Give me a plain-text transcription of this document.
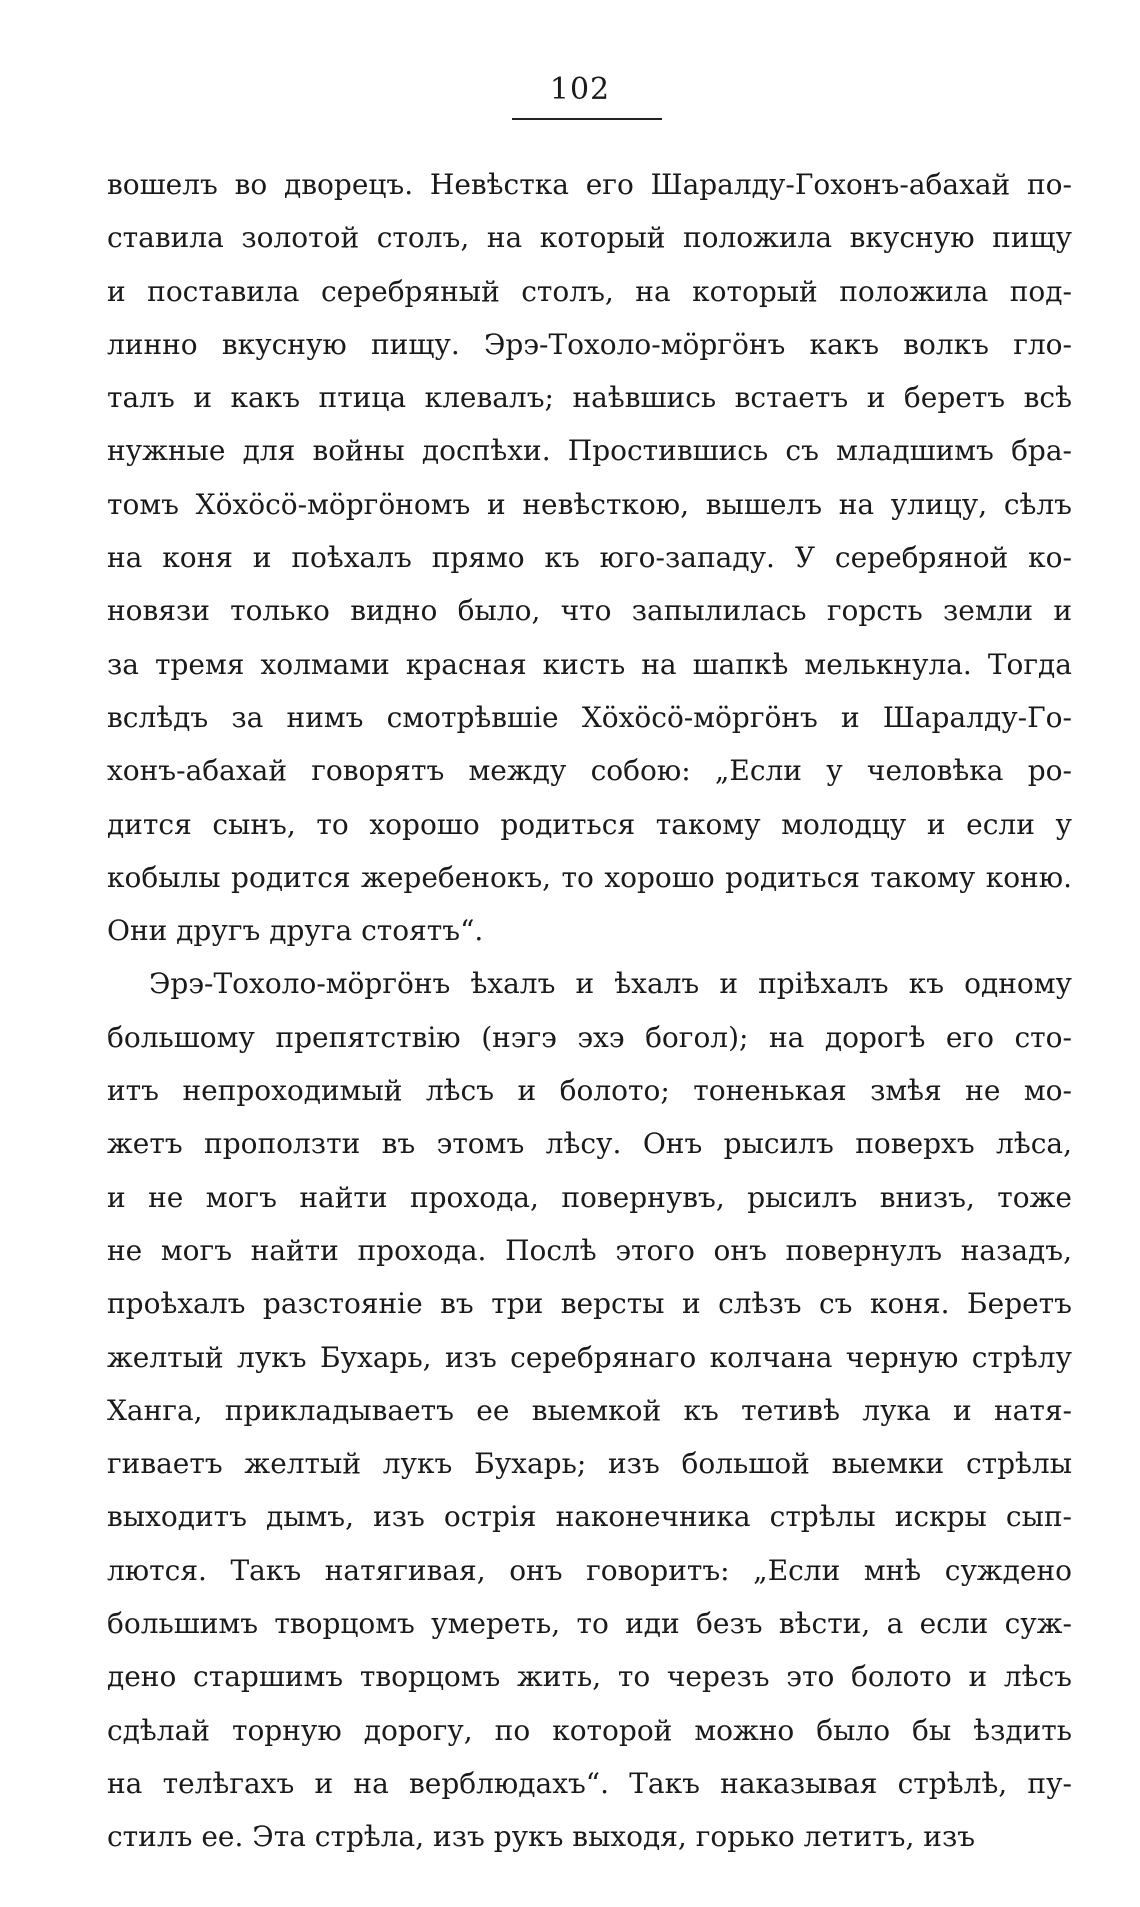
102
вошелъ во дворецъ. Невѣстка его Шаралду-Гохонъ-абахай по-
ставила золотой столъ, на который положила вкусную пищу
и поставила серебряный столъ, на который положила под-
линно вкусную пищу. Эрэ-Тохоло-мöргöнъ какъ волкъ гло-
талъ и какъ птица клевалъ; наѣвшись встаетъ и беретъ всѣ
нужные для войны доспѣхи. Простившись съ младшимъ бра-
томъ Хöхöсö-мöргöномъ и невѣсткою, вышелъ на улицу, сѣлъ
на коня и поѣхалъ прямо къ юго-западу. У серебряной ко-
новязи только видно было, что запылилась горсть земли и
за тремя холмами красная кисть на шапкѣ мелькнула. Тогда
вслѣдъ за нимъ смотрѣвшіе Хöхöсö-мöргöнъ и Шаралду-Го-
хонъ-абахай говорятъ между собою: „Если у человѣка ро-
дится сынъ, то хорошо родиться такому молодцу и если у
кобылы родится жеребенокъ, то хорошо родиться такому коню.
Они другъ друга стоятъ“.
Эрэ-Тохоло-мöргöнъ ѣхалъ и ѣхалъ и пріѣхалъ къ одному
большому препятствію (нэгэ эхэ богол); на дорогѣ его сто-
итъ непроходимый лѣсъ и болото; тоненькая змѣя не мо-
жетъ проползти въ этомъ лѣсу. Онъ рысилъ поверхъ лѣса,
и не могъ найти прохода, повернувъ, рысилъ внизъ, тоже
не могъ найти прохода. Послѣ этого онъ повернулъ назадъ,
проѣхалъ разстояніе въ три версты и слѣзъ съ коня. Беретъ
желтый лукъ Бухарь, изъ серебрянаго колчана черную стрѣлу
Ханга, прикладываетъ ее выемкой къ тетивѣ лука и натя-
гиваетъ желтый лукъ Бухарь; изъ большой выемки стрѣлы
выходитъ дымъ, изъ острія наконечника стрѣлы искры сып-
лются. Такъ натягивая, онъ говоритъ: „Если мнѣ суждено
большимъ творцомъ умереть, то иди безъ вѣсти, а если суж-
дено старшимъ творцомъ жить, то черезъ это болото и лѣсъ
сдѣлай торную дорогу, по которой можно было бы ѣздить
на телѣгахъ и на верблюдахъ“. Такъ наказывая стрѣлѣ, пу-
стилъ ее. Эта стрѣла, изъ рукъ выходя, горько летитъ, изъ
